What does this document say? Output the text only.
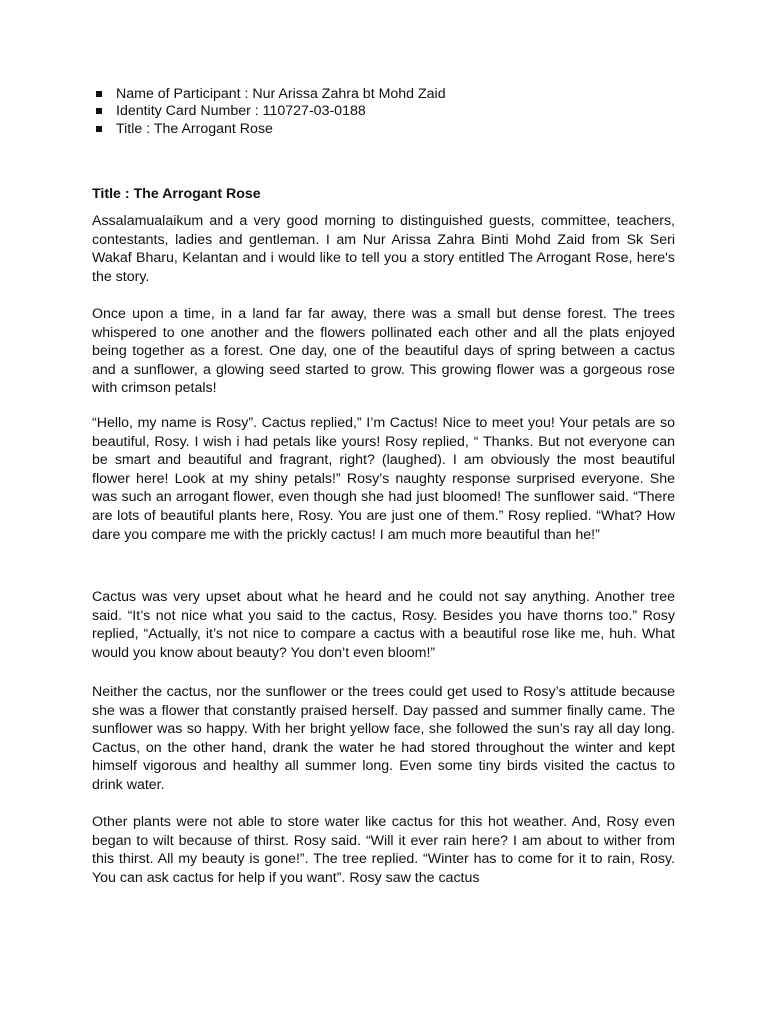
Name of Participant : Nur Arissa Zahra bt Mohd Zaid
Identity Card Number : 110727-03-0188
Title : The Arrogant Rose
Title : The Arrogant Rose

Assalamualaikum and a very good morning to distinguished guests, committee, teachers, contestants, ladies and gentleman. I am Nur Arissa Zahra Binti Mohd Zaid from Sk Seri Wakaf Bharu, Kelantan and i would like to tell you a story entitled The Arrogant Rose, here's the story.

Once upon a time, in a land far far away, there was a small but dense forest. The trees whispered to one another and the flowers pollinated each other and all the plats enjoyed being together as a forest. One day, one of the beautiful days of spring between a cactus and a sunflower, a glowing seed started to grow. This growing flower was a gorgeous rose with crimson petals!

“Hello, my name is Rosy”. Cactus replied,” I’m Cactus! Nice to meet you! Your petals are so beautiful, Rosy. I wish i had petals like yours! Rosy replied, “ Thanks. But not everyone can be smart and beautiful and fragrant, right? (laughed). I am obviously the most beautiful flower here! Look at my shiny petals!” Rosy’s naughty response surprised everyone. She was such an arrogant flower, even though she had just bloomed! The sunflower said. “There are lots of beautiful plants here, Rosy. You are just one of them.” Rosy replied. “What? How dare you compare me with the prickly cactus! I am much more beautiful than he!”

Cactus was very upset about what he heard and he could not say anything. Another tree said. “It’s not nice what you said to the cactus, Rosy. Besides you have thorns too.” Rosy replied, “Actually, it’s not nice to compare a cactus with a beautiful rose like me, huh. What would you know about beauty? You don’t even bloom!”

Neither the cactus, nor the sunflower or the trees could get used to Rosy’s attitude because she was a flower that constantly praised herself. Day passed and summer finally came. The sunflower was so happy. With her bright yellow face, she followed the sun’s ray all day long. Cactus, on the other hand, drank the water he had stored throughout the winter and kept himself vigorous and healthy all summer long. Even some tiny birds visited the cactus to drink water.

Other plants were not able to store water like cactus for this hot weather. And, Rosy even began to wilt because of thirst. Rosy said. “Will it ever rain here? I am about to wither from this thirst. All my beauty is gone!”. The tree replied. “Winter has to come for it to rain, Rosy. You can ask cactus for help if you want”. Rosy saw the cactus
